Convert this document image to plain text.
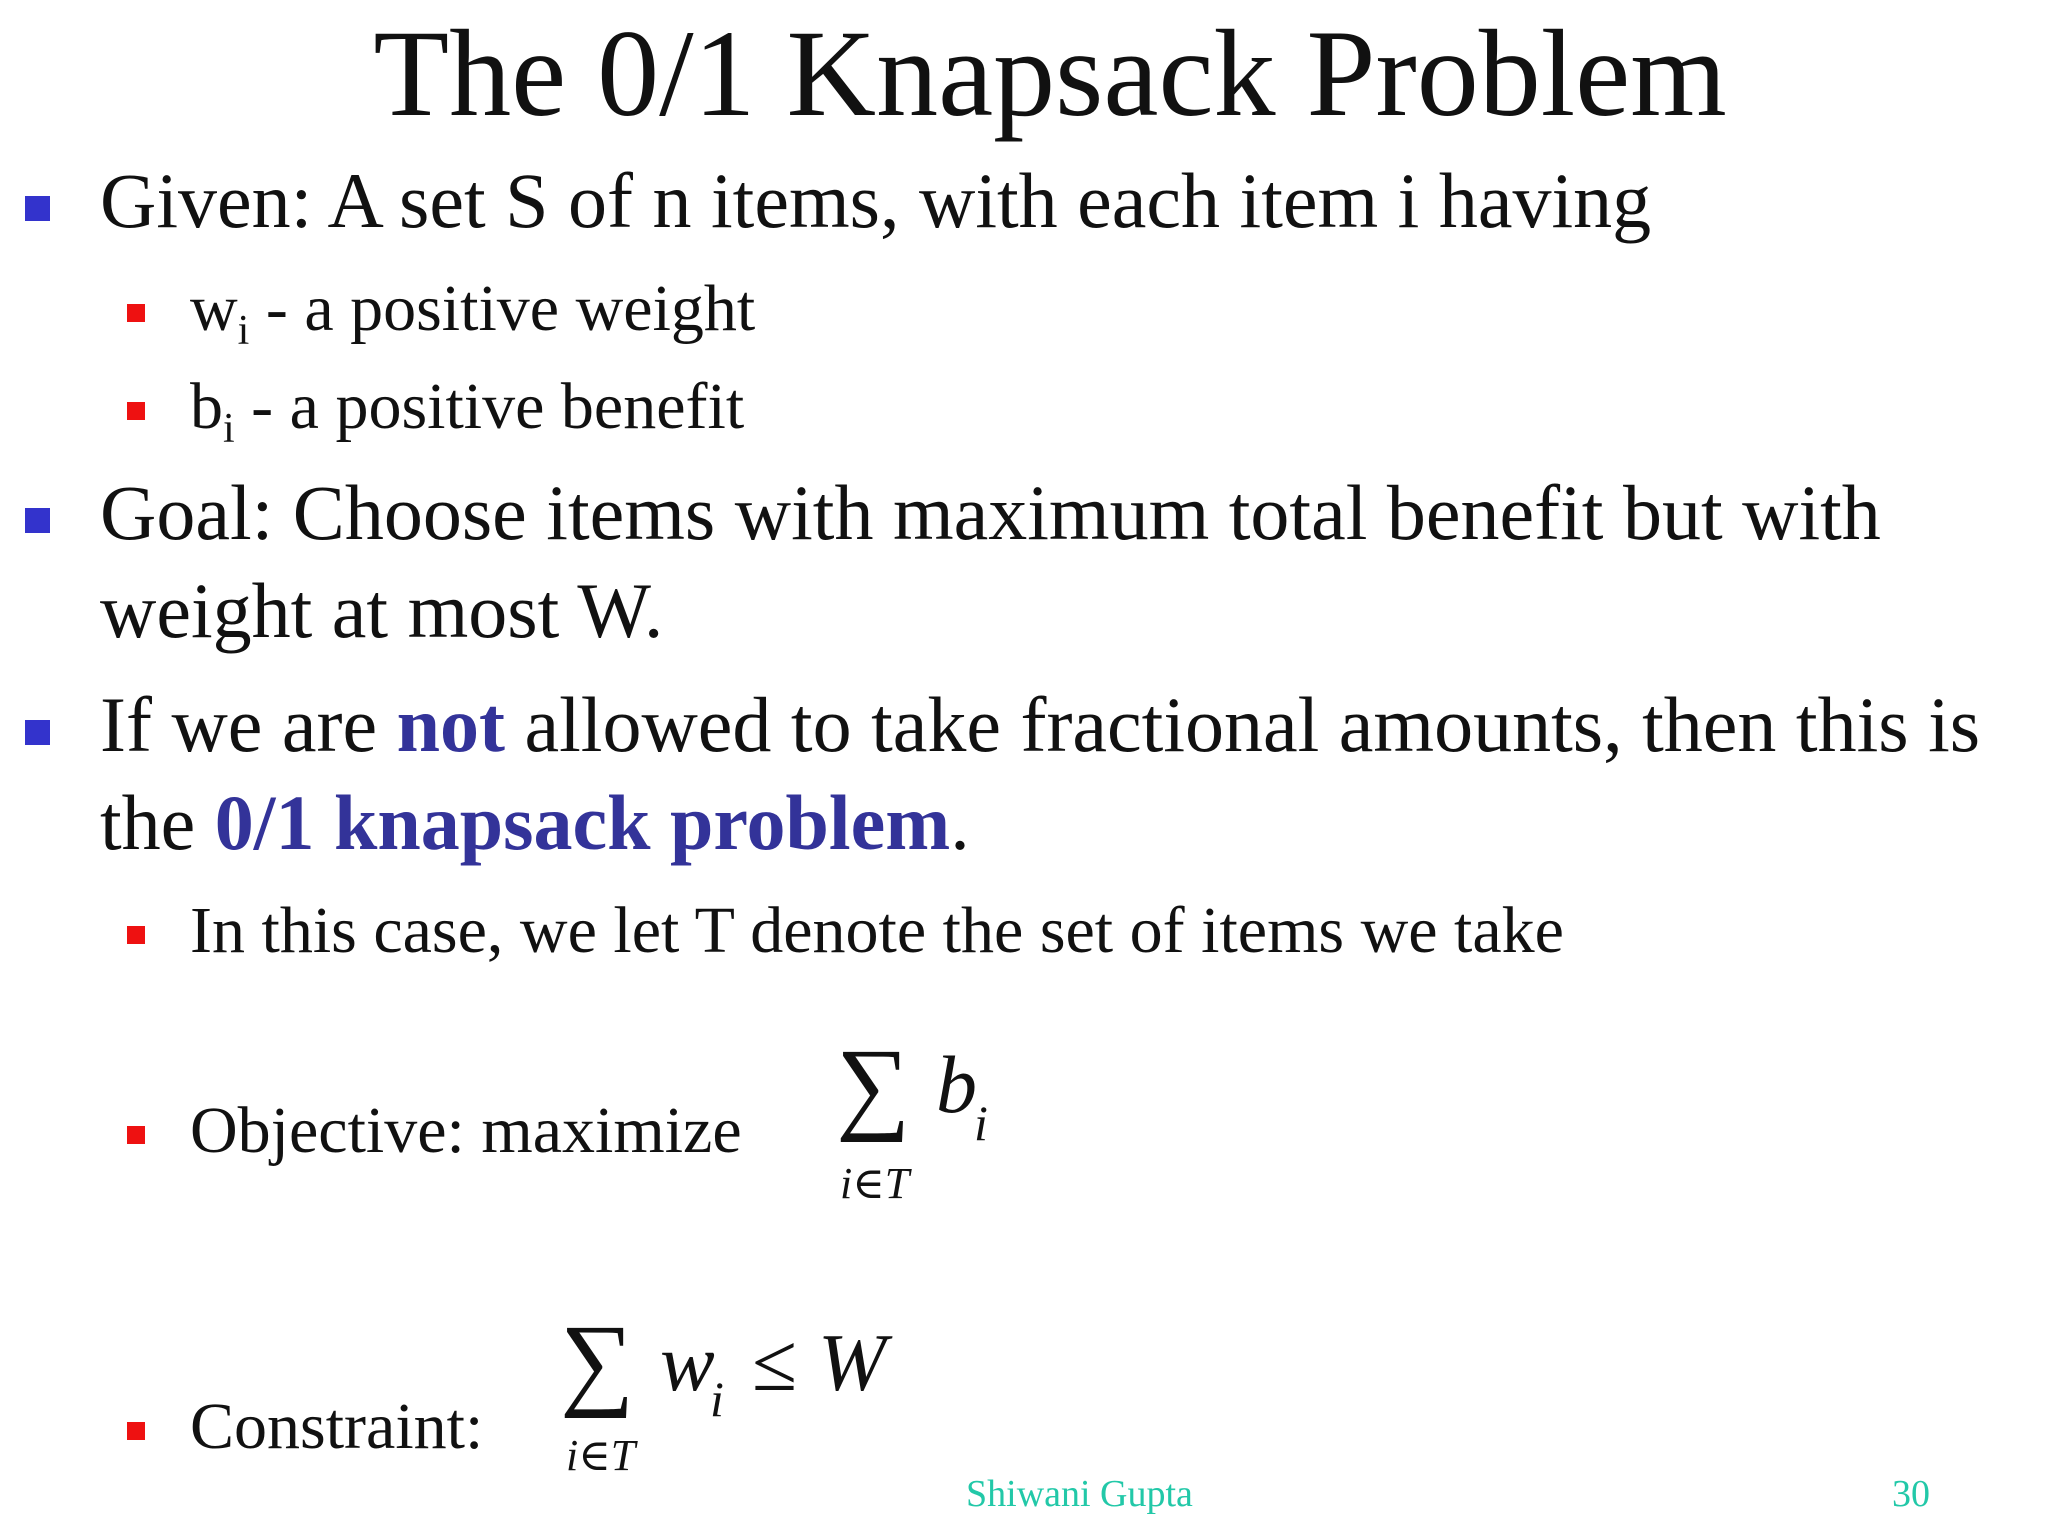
The 0/1 Knapsack Problem
Given: A set S of n items, with each item i having
$w_i$ - a positive weight
$b_i$ - a positive benefit
Goal: Choose items with maximum total benefit but with
weight at most W.
If we are not allowed to take fractional amounts, then this is
the 0/1 knapsack problem.
In this case, we let T denote the set of items we take
Objective: maximize ∑ b
i
i∈T
Constraint:
∑ w
i ≤ W
i∈T
Shiwani Gupta	30
